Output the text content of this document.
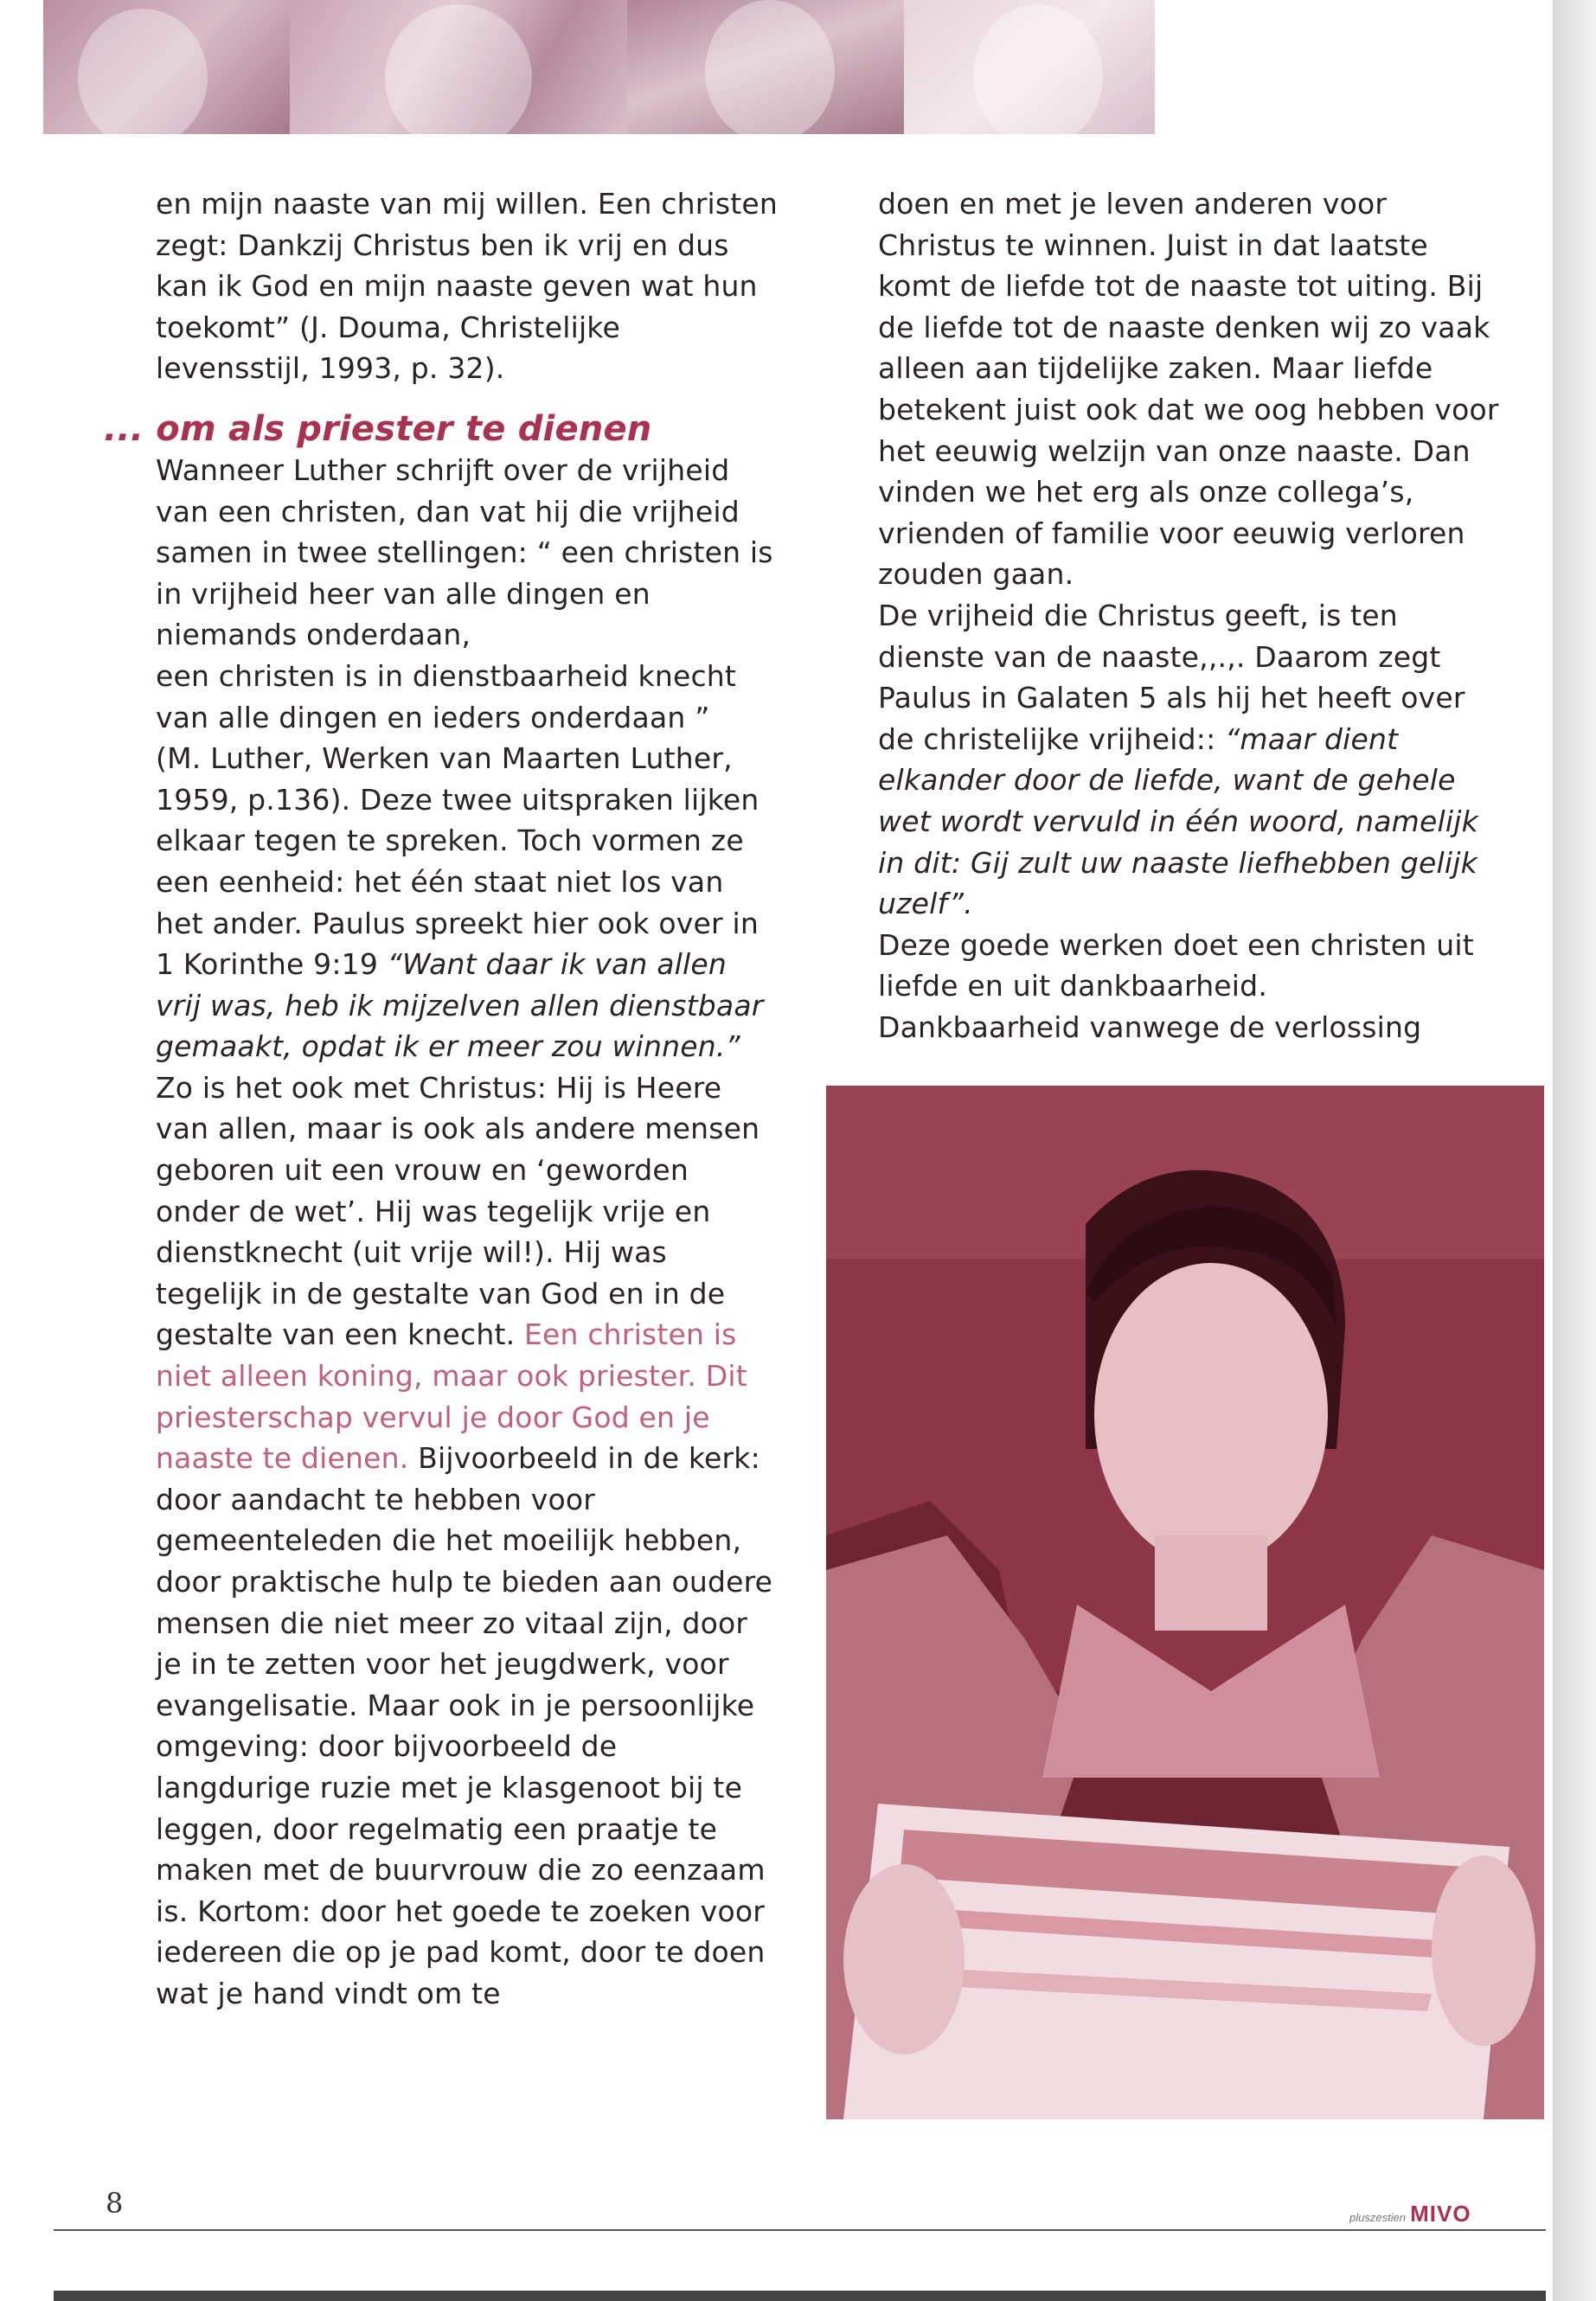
en mijn naaste van mij willen. Een christen zegt: Dankzij Christus ben ik vrij en dus kan ik God en mijn naaste geven wat hun toekomt” (J. Douma, Christelijke levensstijl, 1993, p. 32).

... om als priester te dienen

Wanneer Luther schrijft over de vrijheid van een christen, dan vat hij die vrijheid samen in twee stellingen: “ een christen is in vrijheid heer van alle dingen en niemands onderdaan,

een christen is in dienstbaarheid knecht van alle dingen en ieders onderdaan ”

(M. Luther, Werken van Maarten Luther, 1959, p.136). Deze twee uitspraken lijken elkaar tegen te spreken. Toch vormen ze een eenheid: het één staat niet los van het ander. Paulus spreekt hier ook over in 1 Korinthe 9:19 “Want daar ik van allen vrij was, heb ik mijzelven allen dienstbaar gemaakt, opdat ik er meer zou winnen.” Zo is het ook met Christus: Hij is Heere van allen, maar is ook als andere mensen geboren uit een vrouw en ‘geworden onder de wet’. Hij was tegelijk vrije en dienstknecht (uit vrije wil!). Hij was tegelijk in de gestalte van God en in de gestalte van een knecht. Een christen is niet alleen koning, maar ook priester. Dit priesterschap vervul je door God en je naaste te dienen. Bijvoorbeeld in de kerk: door aandacht te hebben voor gemeenteleden die het moeilijk hebben, door praktische hulp te bieden aan oudere mensen die niet meer zo vitaal zijn, door je in te zetten voor het jeugdwerk, voor evangelisatie. Maar ook in je persoonlijke omgeving: door bijvoorbeeld de langdurige ruzie met je klasgenoot bij te leggen, door regelmatig een praatje te maken met de buurvrouw die zo eenzaam is. Kortom: door het goede te zoeken voor iedereen die op je pad komt, door te doen wat je hand vindt om te

doen en met je leven anderen voor Christus te winnen. Juist in dat laatste komt de liefde tot de naaste tot uiting. Bij de liefde tot de naaste denken wij zo vaak alleen aan tijdelijke zaken. Maar liefde betekent juist ook dat we oog hebben voor het eeuwig welzijn van onze naaste. Dan vinden we het erg als onze collega’s, vrienden of familie voor eeuwig verloren zouden gaan.

De vrijheid die Christus geeft, is ten dienste van de naaste,,.,. Daarom zegt Paulus in Galaten 5 als hij het heeft over de christelijke vrijheid:: “maar dient elkander door de liefde, want de gehele wet wordt vervuld in één woord, namelijk in dit: Gij zult uw naaste liefhebben gelijk uzelf”.

Deze goede werken doet een christen uit liefde en uit dankbaarheid.

Dankbaarheid vanwege de verlossing

8	pluszestien MIVO
